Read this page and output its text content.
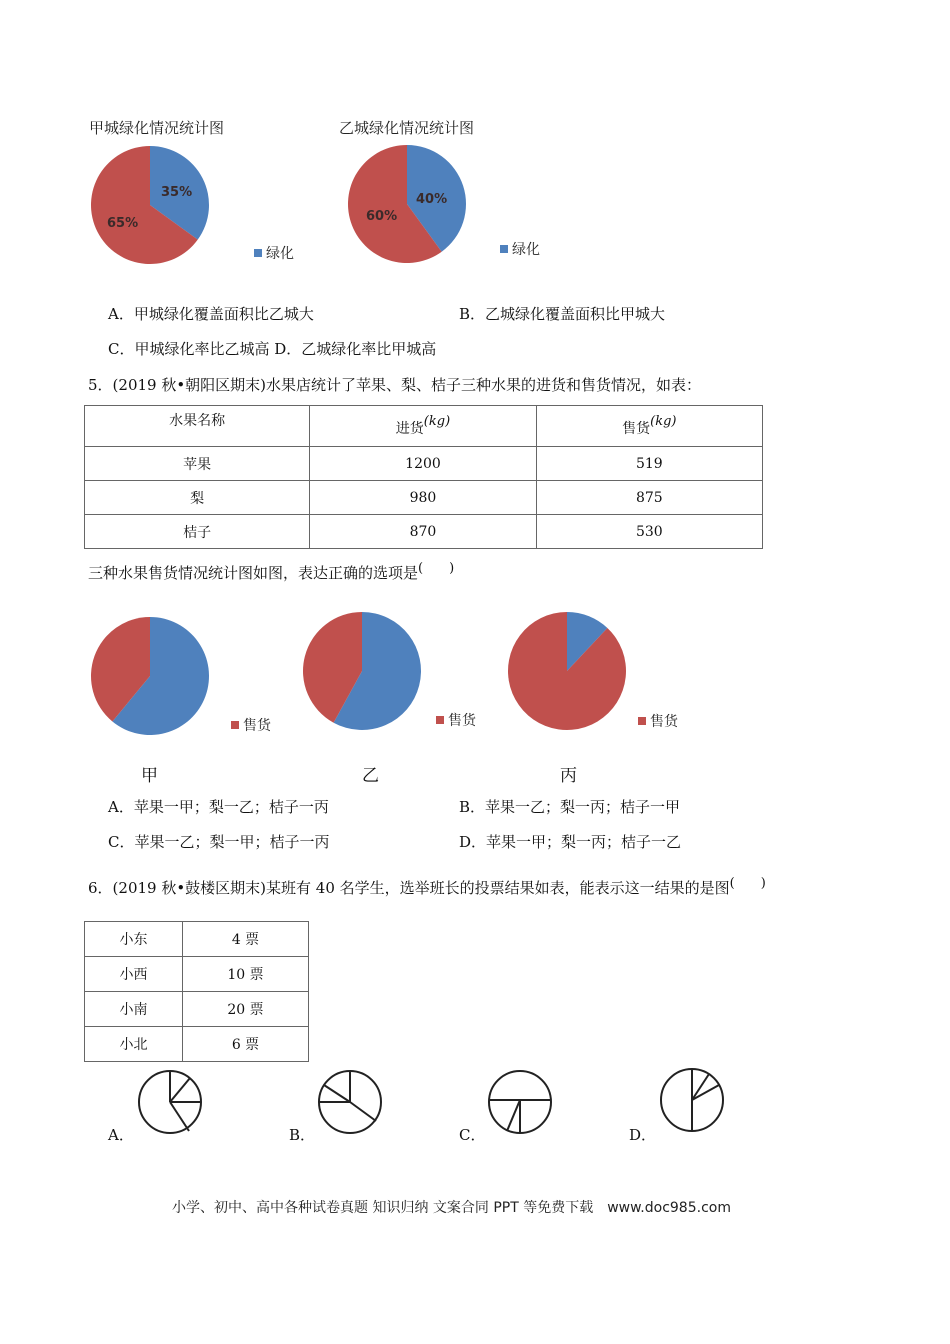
甲城绿化情况统计图
35%
65%
绿化
乙城绿化情况统计图
40%
60%
绿化
A．甲城绿化覆盖面积比乙城大	B．乙城绿化覆盖面积比甲城大
C．甲城绿化率比乙城高 D．乙城绿化率比甲城高
5．(2019 秋•朝阳区期末)水果店统计了苹果、梨、桔子三种水果的进货和售货情况，如表：
水果名称	进货(kg)	售货(kg)
苹果	1200	519
梨	980	875
桔子	870	530
三种水果售货情况统计图如图，表达正确的选项是(　　)
售货
甲
售货
乙
售货
丙
A．苹果一甲；梨一乙；桔子一丙	B．苹果一乙；梨一丙；桔子一甲
C．苹果一乙；梨一甲；桔子一丙	D．苹果一甲；梨一丙；桔子一乙
6．(2019 秋•鼓楼区期末)某班有 40 名学生，选举班长的投票结果如表，能表示这一结果的是图(　　)
小东	4 票
小西	10 票
小南	20 票
小北	6 票
A．	B．	C．	D．
小学、初中、高中各种试卷真题 知识归纳 文案合同 PPT 等免费下载　www.doc985.com
